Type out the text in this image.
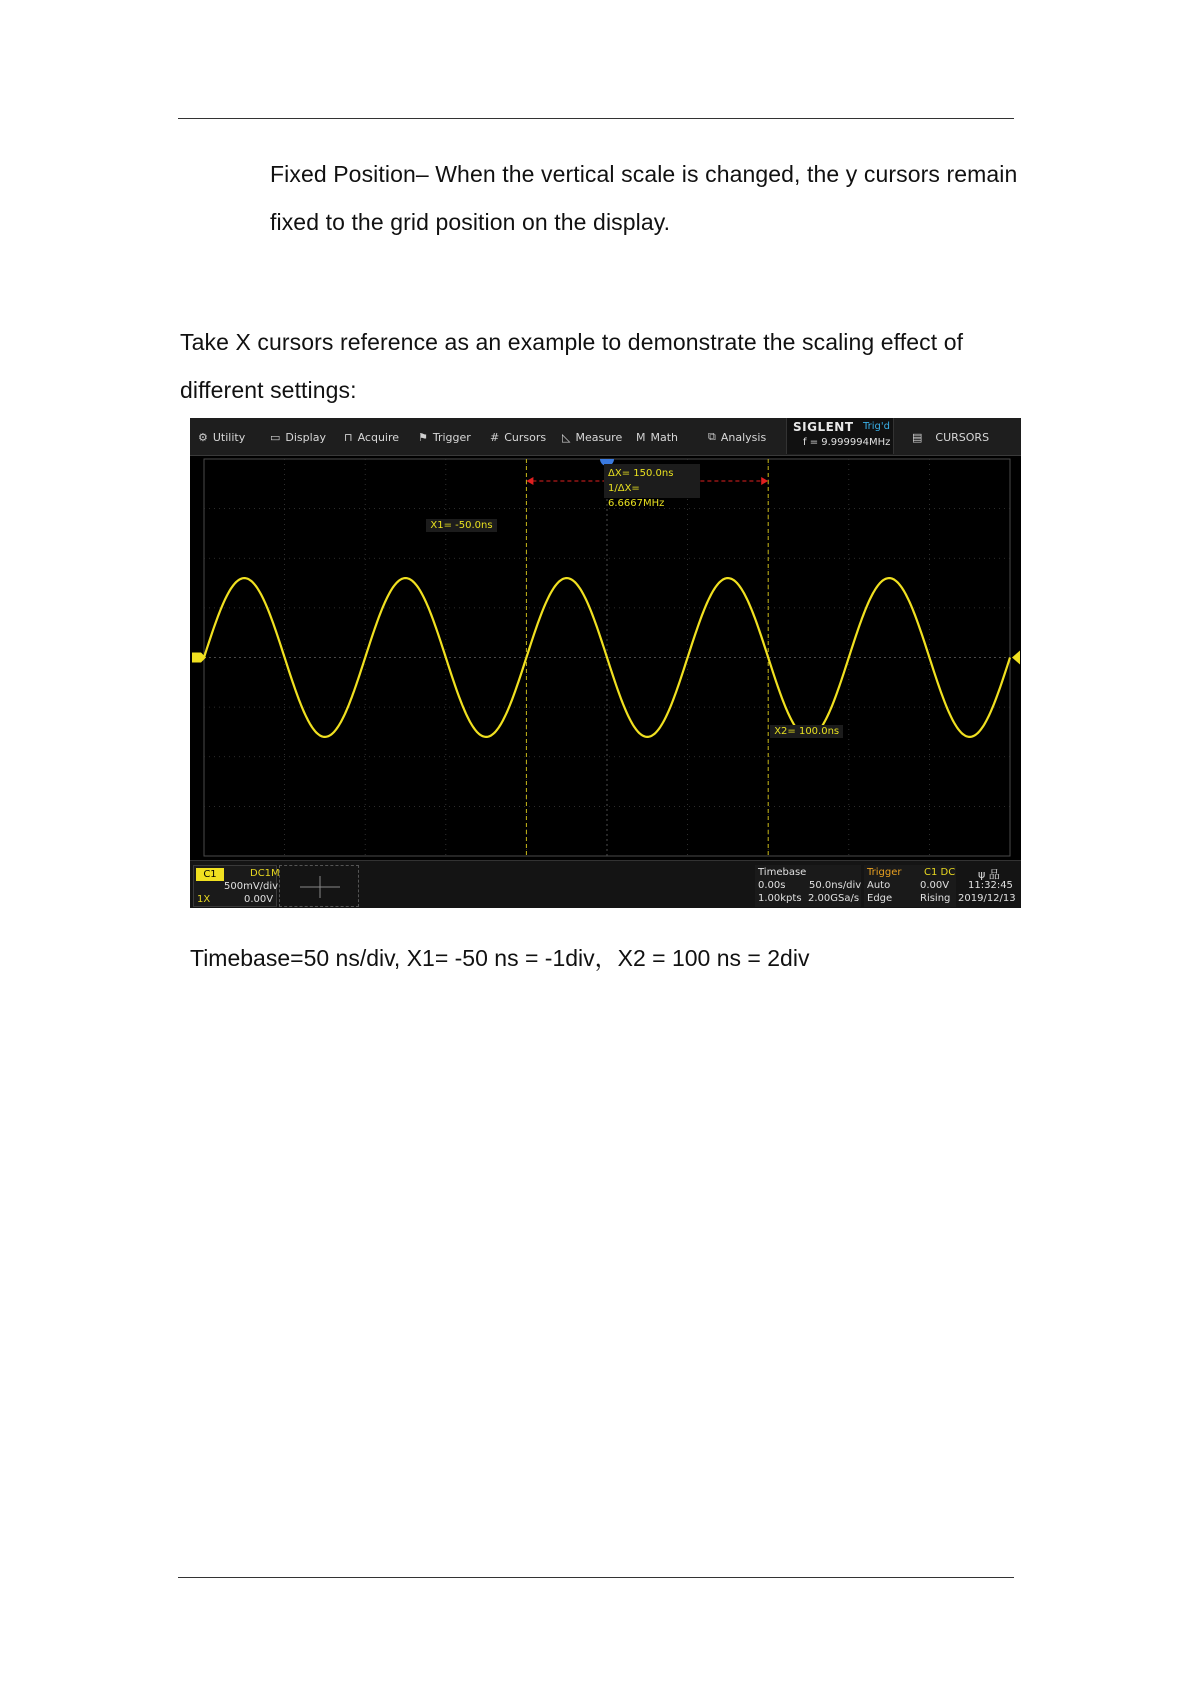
Fixed Position– When the vertical scale is changed, the y cursors remain fixed to the grid position on the display.

Take X cursors reference as an example to demonstrate the scaling effect of different settings:

⚙ Utility ▭ Display ⊓ Acquire ⚑ Trigger # Cursors ◺ Measure Ⅿ Math	⧉ Analysis
SIGLENT Trig'd
f = 9.999994MHz ▤ CURSORS
ΔX= 150.0ns
1/ΔX= 6.6667MHz
X1= -50.0ns
X2= 100.0ns
C1	DC1M
500mV/div
1X	0.00V
Timebase
0.00s 50.0ns/div
1.00kpts 2.00GSa/s
Trigger C1 DC
Auto	0.00V
Edge	Rising
ψ 品
11:32:45
2019/12/13
Timebase=50 ns/div, X1= -50 ns = -1div，X2 = 100 ns = 2div
